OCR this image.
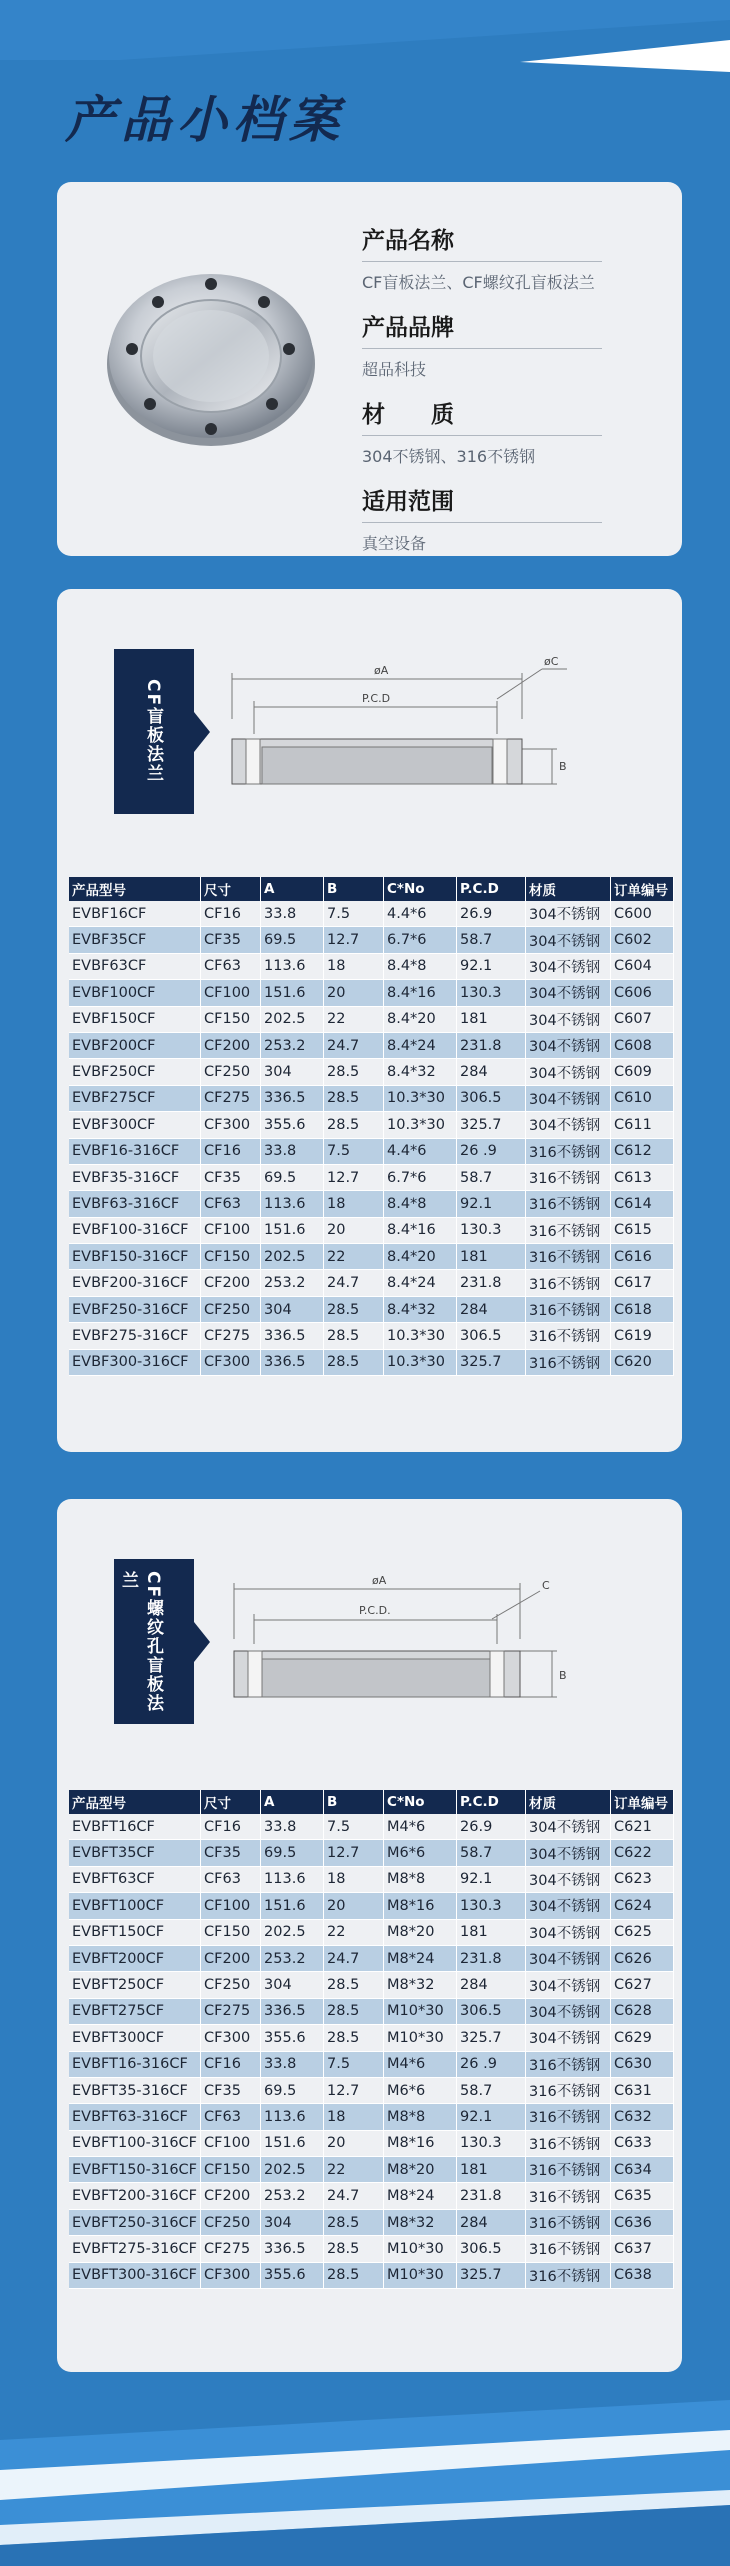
产品小档案
产品名称
CF盲板法兰、CF螺纹孔盲板法兰
产品品牌
超品科技
材　　质
304不锈钢、316不锈钢
适用范围
真空设备
CF盲板法兰
øA
P.C.D
øC
B
产品型号	尺寸	A	B	C*No	P.C.D	材质	订单编号
EVBF16CF	CF16	33.8	7.5	4.4*6	26.9	304不锈钢	C600
EVBF35CF	CF35	69.5	12.7	6.7*6	58.7	304不锈钢	C602
EVBF63CF	CF63	113.6	18	8.4*8	92.1	304不锈钢	C604
EVBF100CF	CF100	151.6	20	8.4*16	130.3	304不锈钢	C606
EVBF150CF	CF150	202.5	22	8.4*20	181	304不锈钢	C607
EVBF200CF	CF200	253.2	24.7	8.4*24	231.8	304不锈钢	C608
EVBF250CF	CF250	304	28.5	8.4*32	284	304不锈钢	C609
EVBF275CF	CF275	336.5	28.5	10.3*30	306.5	304不锈钢	C610
EVBF300CF	CF300	355.6	28.5	10.3*30	325.7	304不锈钢	C611
EVBF16-316CF	CF16	33.8	7.5	4.4*6	26 .9	316不锈钢	C612
EVBF35-316CF	CF35	69.5	12.7	6.7*6	58.7	316不锈钢	C613
EVBF63-316CF	CF63	113.6	18	8.4*8	92.1	316不锈钢	C614
EVBF100-316CF	CF100	151.6	20	8.4*16	130.3	316不锈钢	C615
EVBF150-316CF	CF150	202.5	22	8.4*20	181	316不锈钢	C616
EVBF200-316CF	CF200	253.2	24.7	8.4*24	231.8	316不锈钢	C617
EVBF250-316CF	CF250	304	28.5	8.4*32	284	316不锈钢	C618
EVBF275-316CF	CF275	336.5	28.5	10.3*30	306.5	316不锈钢	C619
EVBF300-316CF	CF300	336.5	28.5	10.3*30	325.7	316不锈钢	C620
CF螺纹孔盲板法兰	øA
P.C.D.
C
B
产品型号	尺寸	A	B	C*No	P.C.D	材质	订单编号
EVBFT16CF	CF16	33.8	7.5	M4*6	26.9	304不锈钢	C621
EVBFT35CF	CF35	69.5	12.7	M6*6	58.7	304不锈钢	C622
EVBFT63CF	CF63	113.6	18	M8*8	92.1	304不锈钢	C623
EVBFT100CF	CF100	151.6	20	M8*16	130.3	304不锈钢	C624
EVBFT150CF	CF150	202.5	22	M8*20	181	304不锈钢	C625
EVBFT200CF	CF200	253.2	24.7	M8*24	231.8	304不锈钢	C626
EVBFT250CF	CF250	304	28.5	M8*32	284	304不锈钢	C627
EVBFT275CF	CF275	336.5	28.5	M10*30	306.5	304不锈钢	C628
EVBFT300CF	CF300	355.6	28.5	M10*30	325.7	304不锈钢	C629
EVBFT16-316CF	CF16	33.8	7.5	M4*6	26 .9	316不锈钢	C630
EVBFT35-316CF	CF35	69.5	12.7	M6*6	58.7	316不锈钢	C631
EVBFT63-316CF	CF63	113.6	18	M8*8	92.1	316不锈钢	C632
EVBFT100-316CF	CF100	151.6	20	M8*16	130.3	316不锈钢	C633
EVBFT150-316CF	CF150	202.5	22	M8*20	181	316不锈钢	C634
EVBFT200-316CF	CF200	253.2	24.7	M8*24	231.8	316不锈钢	C635
EVBFT250-316CF	CF250	304	28.5	M8*32	284	316不锈钢	C636
EVBFT275-316CF	CF275	336.5	28.5	M10*30	306.5	316不锈钢	C637
EVBFT300-316CF	CF300	355.6	28.5	M10*30	325.7	316不锈钢	C638
